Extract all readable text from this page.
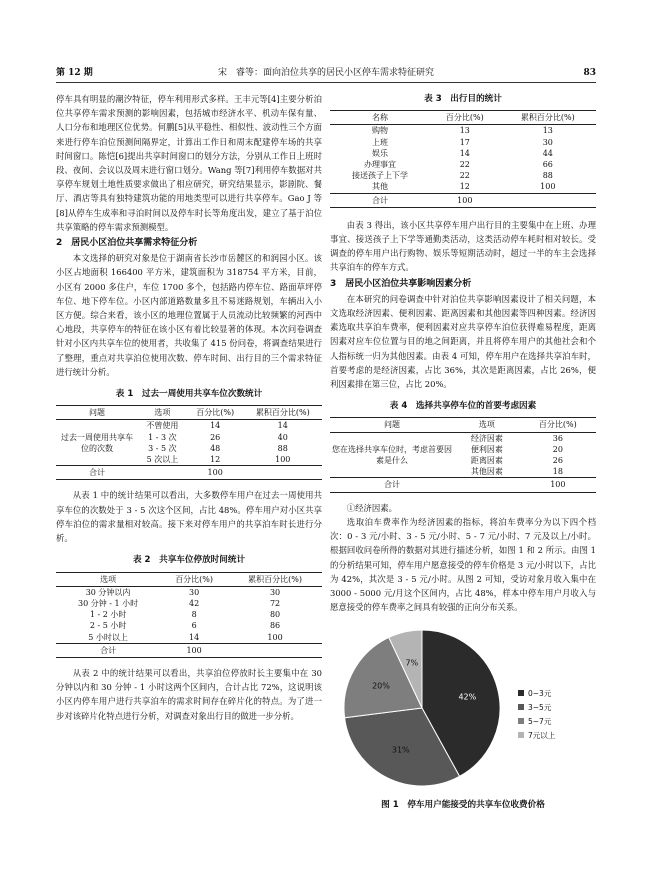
第 12 期	宋　睿等：面向泊位共享的居民小区停车需求特征研究	83

停车具有明显的潮汐特征，停车利用形式多样。王丰元等[4]主要分析泊位共享停车需求预测的影响因素，包括城市经济水平、机动车保有量、人口分布和地理区位优势。何鹏[5]从平稳性、相似性、波动性三个方面来进行停车泊位预测间隔界定，计算出工作日和周末配建停车场的共享时间窗口。陈恺[6]提出共享时间窗口的划分方法，分别从工作日上班时段、夜间、会议以及周末进行窗口划分。Wang 等[7]利用停车数据对共享停车规划土地性质要求做出了相应研究，研究结果显示，影剧院、餐厅、酒店等具有独特建筑功能的用地类型可以进行共享停车。Gao J 等[8]从停车生成率和寻泊时间以及停车时长等角度出发，建立了基于泊位共享策略的停车需求预测模型。

2　居民小区泊位共享需求特征分析

本文选择的研究对象是位于湖南省长沙市岳麓区的和润园小区。该小区占地面积 166400 平方米，建筑面积为 318754 平方米，目前，小区有 2000 多住户，车位 1700 多个，包括路内停车位、路面草坪停车位、地下停车位。小区内部道路数量多且不易迷路规划，车辆出入小区方便。综合来看，该小区的地理位置属于人员流动比较频繁的河西中心地段，共享停车的特征在该小区有着比较显著的体现。本次问卷调查针对小区内共享车位的使用者，共收集了 415 份问卷，将调查结果进行了整理，重点对共享泊位使用次数、停车时间、出行目的三个需求特征进行统计分析。

表 1　过去一周使用共享车位次数统计
问题	选项	百分比(%)	累积百分比(%)
过去一周使用共享车位的次数	不曾使用	14	14
	1 - 3 次	26	40
	3 - 5 次	48	88
	5 次以上	12	100
合计		100	

从表 1 中的统计结果可以看出，大多数停车用户在过去一周使用共享车位的次数处于 3 - 5 次这个区间，占比 48%。停车用户对小区共享停车泊位的需求量相对较高。接下来对停车用户的共享泊车时长进行分析。

表 2　共享车位停放时间统计
选项	百分比(%)	累积百分比(%)
30 分钟以内	30	30
30 分钟 - 1 小时	42	72
1 - 2 小时	8	80
2 - 5 小时	6	86
5 小时以上	14	100
合计	100	

从表 2 中的统计结果可以看出，共享泊位停放时长主要集中在 30 分钟以内和 30 分钟 - 1 小时这两个区间内，合计占比 72%，这说明该小区内停车用户进行共享泊车的需求时间存在碎片化的特点。为了进一步对该碎片化特点进行分析，对调查对象出行目的做进一步分析。

表 3　出行目的统计
名称	百分比(%)	累积百分比(%)
购物	13	13
上班	17	30
娱乐	14	44
办理事宜	22	66
接送孩子上下学	22	88
其他	12	100
合计	100	

由表 3 得出，该小区共享停车用户出行目的主要集中在上班、办理事宜、接送孩子上下学等通勤类活动，这类活动停车耗时相对较长。受调查的停车用户出行购物、娱乐等短期活动时，超过一半的车主会选择共享泊车的停车方式。

3　居民小区泊位共享影响因素分析

在本研究的问卷调查中针对泊位共享影响因素设计了相关问题，本文选取经济因素、便利因素、距离因素和其他因素等四种因素。经济因素选取共享泊车费率，便利因素对应共享停车泊位获得难易程度，距离因素对应车位位置与目的地之间距离，并且将停车用户的其他社会和个人指标统一归为其他因素。由表 4 可知，停车用户在选择共享泊车时，首要考虑的是经济因素，占比 36%，其次是距离因素，占比 26%，便利因素排在第三位，占比 20%。

表 4　选择共享停车位的首要考虑因素
问题	选项	百分比(%)
您在选择共享车位时，考虑首要因素是什么	经济因素	36
	便利因素	20
	距离因素	26
	其他因素	18
合计		100

①经济因素。

选取泊车费率作为经济因素的指标，将泊车费率分为以下四个档次：0 - 3 元/小时、3 - 5 元/小时、5 - 7 元/小时、7 元及以上/小时。根据回收问卷所得的数据对其进行描述分析，如图 1 和 2 所示。由图 1 的分析结果可知，停车用户愿意接受的停车价格是 3 元/小时以下，占比为 42%，其次是 3 - 5 元/小时。从图 2 可知，受访对象月收入集中在 3000 - 5000 元/月这个区间内，占比 48%，样本中停车用户月收入与愿意接受的停车费率之间具有较强的正向分布关系。

42%
31%
20%
7%
0~3元
3~5元
5~7元
7元以上
图 1　停车用户能接受的共享车位收费价格
